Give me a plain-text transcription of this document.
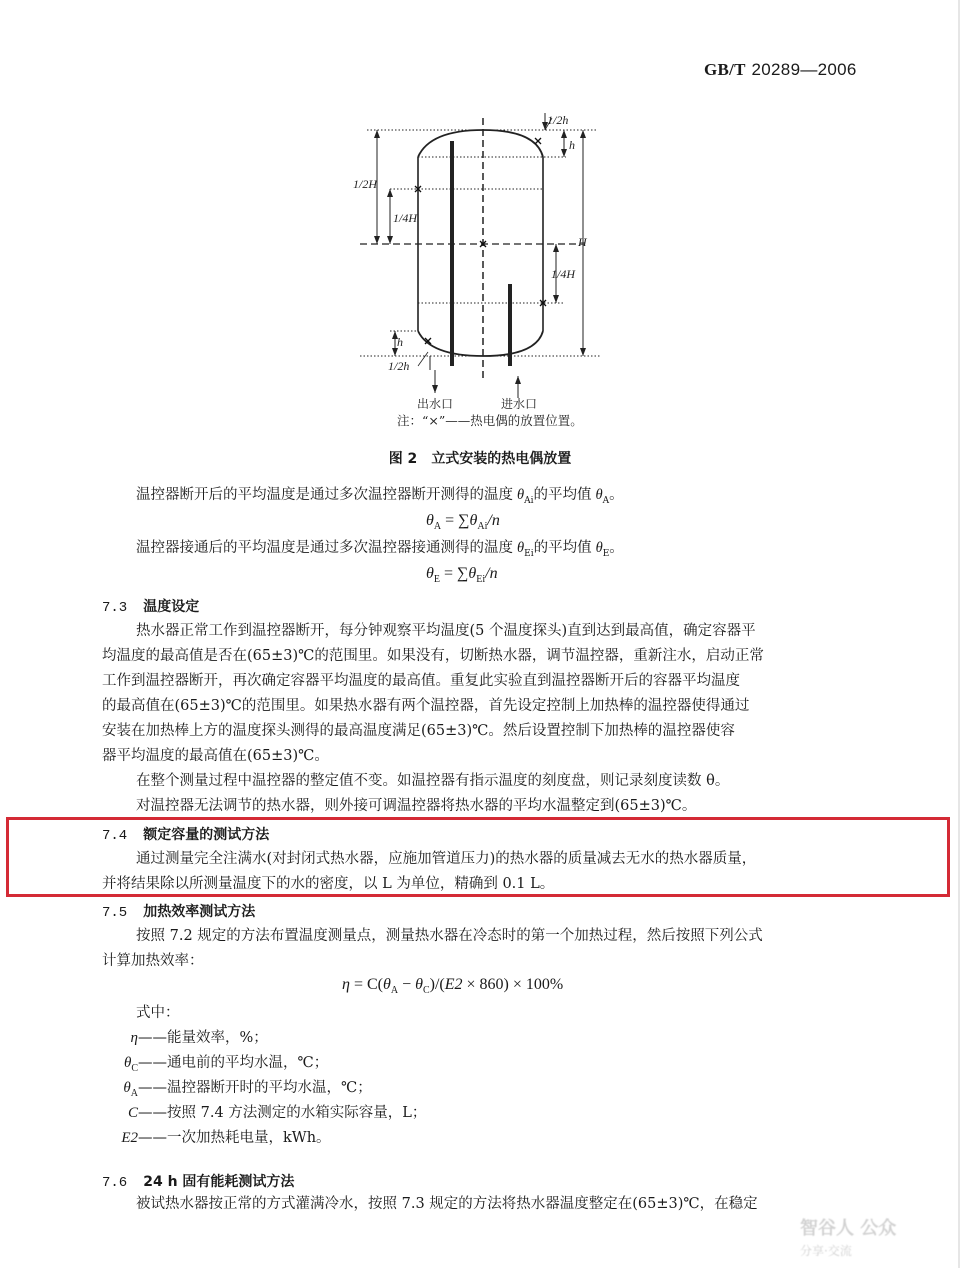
GB/T 20289—2006
1/2h
h
1/2H
1/4H
H
1/4H
h
1/2h
出水口	进水口
注：“×”——热电偶的放置位置。
图 2 立式安装的热电偶放置
温控器断开后的平均温度是通过多次温控器断开测得的温度 $\theta_{Ai}$的平均值 $\theta_A$。
$\theta_A = \sum\theta_{Ai}/n$
温控器接通后的平均温度是通过多次温控器接通测得的温度 $\theta_{Ei}$的平均值 $\theta_E$。
$\theta_E = \sum\theta_{Ei}/n$
7.3 温度设定
热水器正常工作到温控器断开，每分钟观察平均温度(5 个温度探头)直到达到最高值，确定容器平
均温度的最高值是否在(65±3)℃的范围里。如果没有，切断热水器，调节温控器，重新注水，启动正常
工作到温控器断开，再次确定容器平均温度的最高值。重复此实验直到温控器断开后的容器平均温度
的最高值在(65±3)℃的范围里。如果热水器有两个温控器，首先设定控制上加热棒的温控器使得通过
安装在加热棒上方的温度探头测得的最高温度满足(65±3)℃。然后设置控制下加热棒的温控器使容
器平均温度的最高值在(65±3)℃。
在整个测量过程中温控器的整定值不变。如温控器有指示温度的刻度盘，则记录刻度读数 θ。
对温控器无法调节的热水器，则外接可调温控器将热水器的平均水温整定到(65±3)℃。
7.4 额定容量的测试方法
通过测量完全注满水(对封闭式热水器，应施加管道压力)的热水器的质量减去无水的热水器质量，
并将结果除以所测量温度下的水的密度，以 L 为单位，精确到 0.1 L。
7.5 加热效率测试方法
按照 7.2 规定的方法布置温度测量点，测量热水器在冷态时的第一个加热过程，然后按照下列公式
计算加热效率：
$\eta = C(\theta_A - \theta_C)/(E2 \times 860) \times 100\%$
式中：
η——能量效率，%；
$\theta_C——$通电前的平均水温，℃；
$\theta_A——$温控器断开时的平均水温，℃；
C——按照 7.4 方法测定的水箱实际容量，L；
E2——一次加热耗电量，kWh。
7.6 24 h 固有能耗测试方法
被试热水器按正常的方式灌满冷水，按照 7.3 规定的方法将热水器温度整定在(65±3)℃，在稳定
智谷人 公众
分享·交流
